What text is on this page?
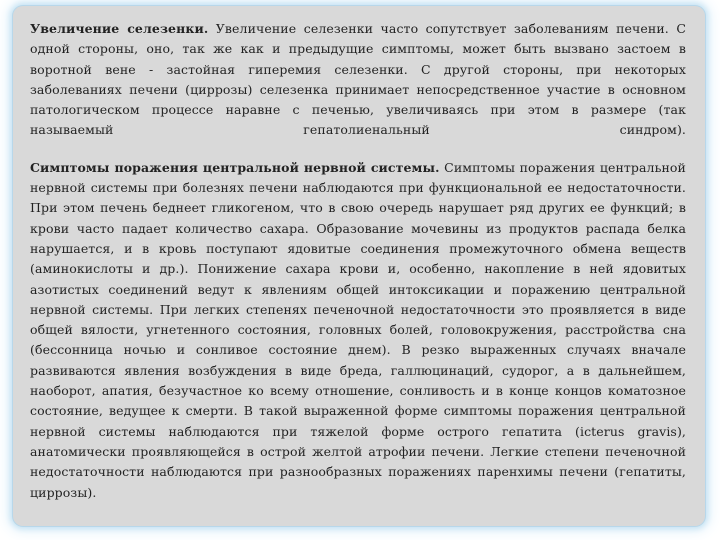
Увеличение селезенки. Увеличение селезенки часто сопутствует заболеваниям печени. С одной стороны, оно, так же как и предыдущие симптомы, может быть вызвано застоем в воротной вене - застойная гиперемия селезенки. С другой стороны, при некоторых заболеваниях печени (циррозы) селезенка принимает непосредственное участие в основном патологическом процессе наравне с печенью, увеличиваясь при этом в размере (так называемый гепатолиенальный синдром).

Симптомы поражения центральной нервной системы. Симптомы поражения центральной нервной системы при болезнях печени наблюдаются при функциональной ее недостаточности. При этом печень беднеет гликогеном, что в свою очередь нарушает ряд других ее функций; в крови часто падает количество сахара. Образование мочевины из продуктов распада белка нарушается, и в кровь поступают ядовитые соединения промежуточного обмена веществ (аминокислоты и др.). Понижение сахара крови и, особенно, накопление в ней ядовитых азотистых соединений ведут к явлениям общей интоксикации и поражению центральной нервной системы. При легких степенях печеночной недостаточности это проявляется в виде общей вялости, угнетенного состояния, головных болей, головокружения, расстройства сна (бессонница ночью и сонливое состояние днем). В резко выраженных случаях вначале развиваются явления возбуждения в виде бреда, галлюцинаций, судорог, а в дальнейшем, наоборот, апатия, безучастное ко всему отношение, сонливость и в конце концов коматозное состояние, ведущее к смерти. В такой выраженной форме симптомы поражения центральной нервной системы наблюдаются при тяжелой форме острого гепатита (icterus gravis), анатомически проявляющейся в острой желтой атрофии печени. Легкие степени печеночной недостаточности наблюдаются при разнообразных поражениях паренхимы печени (гепатиты, циррозы).
